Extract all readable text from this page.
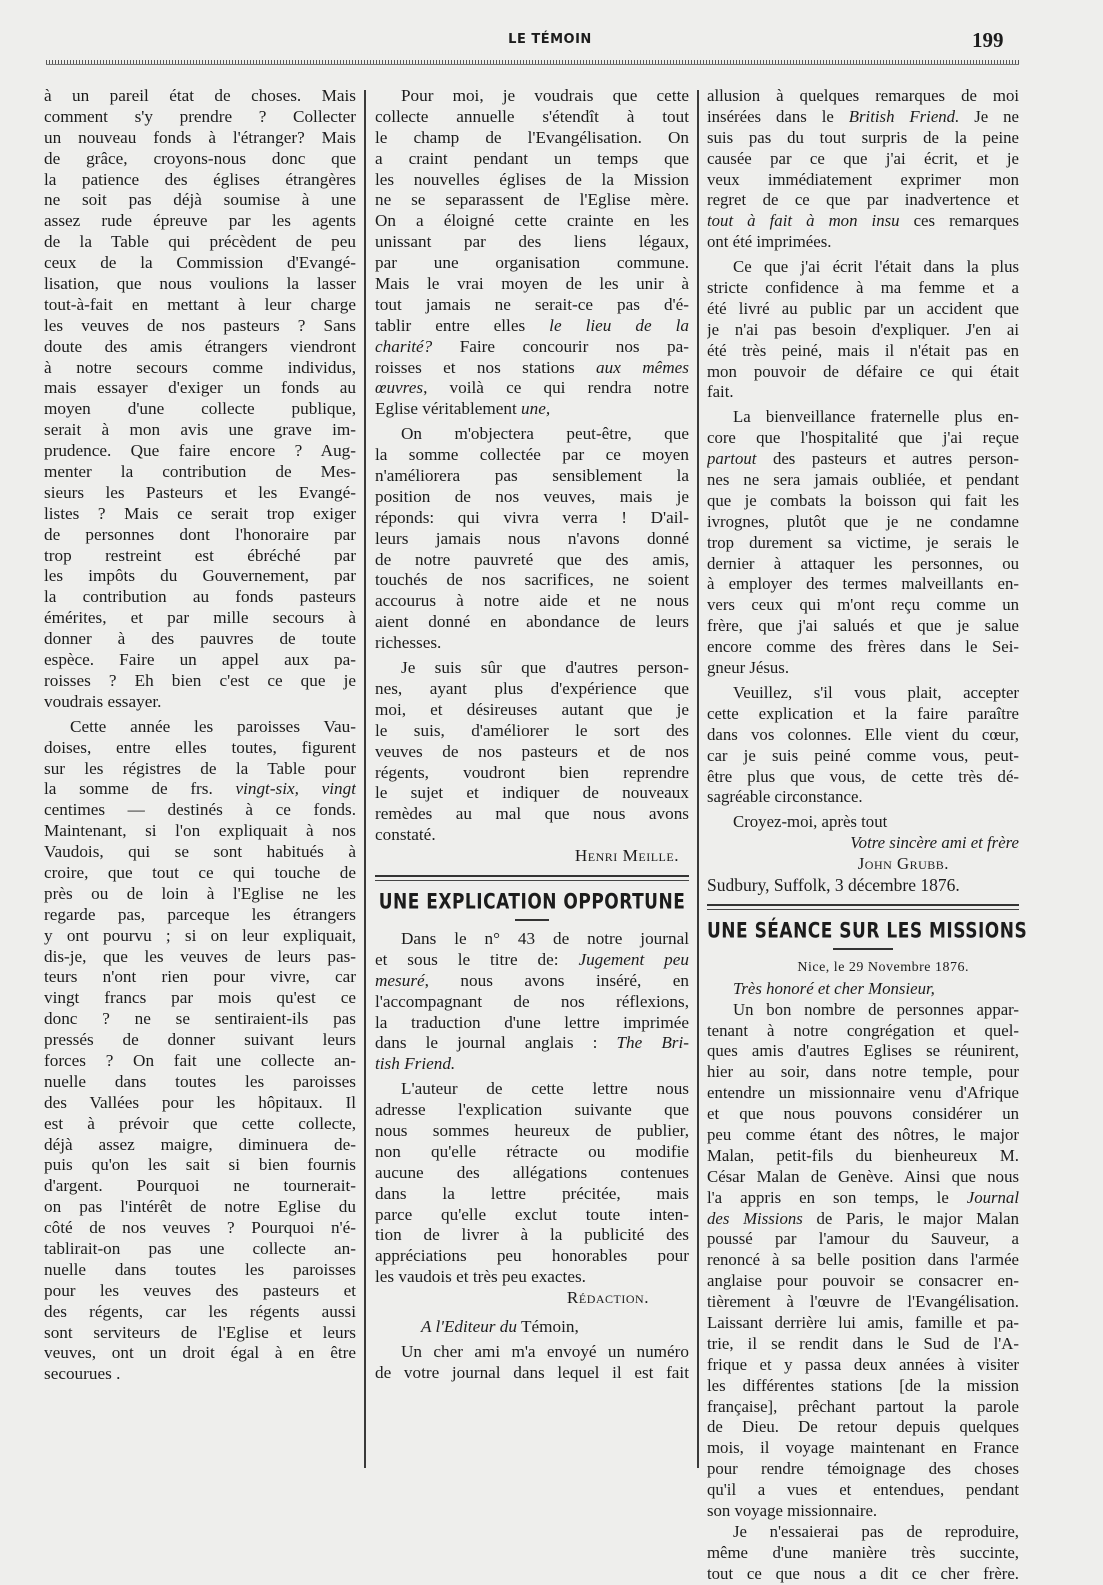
LE TÉMOIN	199
à un pareil état de choses. Mais
comment s'y prendre ? Collecter
un nouveau fonds à l'étranger? Mais
de grâce, croyons-nous donc que
la patience des églises étrangères
ne soit pas déjà soumise à une
assez rude épreuve par les agents
de la Table qui précèdent de peu
ceux de la Commission d'Evangé-
lisation, que nous voulions la lasser
tout-à-fait en mettant à leur charge
les veuves de nos pasteurs ? Sans
doute des amis étrangers viendront
à notre secours comme individus,
mais essayer d'exiger un fonds au
moyen d'une collecte publique,
serait à mon avis une grave im-
prudence. Que faire encore ? Aug-
menter la contribution de Mes-
sieurs les Pasteurs et les Evangé-
listes ? Mais ce serait trop exiger
de personnes dont l'honoraire par
trop restreint est ébréché par
les impôts du Gouvernement, par
la contribution au fonds pasteurs
émérites, et par mille secours à
donner à des pauvres de toute
espèce. Faire un appel aux pa-
roisses ? Eh bien c'est ce que je
voudrais essayer.
Cette année les paroisses Vau-
doises, entre elles toutes, figurent
sur les régistres de la Table pour
la somme de frs. vingt-six, vingt
centimes — destinés à ce fonds.
Maintenant, si l'on expliquait à nos
Vaudois, qui se sont habitués à
croire, que tout ce qui touche de
près ou de loin à l'Eglise ne les
regarde pas, parceque les étrangers
y ont pourvu ; si on leur expliquait,
dis-je, que les veuves de leurs pas-
teurs n'ont rien pour vivre, car
vingt francs par mois qu'est ce
donc ? ne se sentiraient-ils pas
pressés de donner suivant leurs
forces ? On fait une collecte an-
nuelle dans toutes les paroisses
des Vallées pour les hôpitaux. Il
est à prévoir que cette collecte,
déjà assez maigre, diminuera de-
puis qu'on les sait si bien fournis
d'argent. Pourquoi ne tournerait-
on pas l'intérêt de notre Eglise du
côté de nos veuves ? Pourquoi n'é-
tablirait-on pas une collecte an-
nuelle dans toutes les paroisses
pour les veuves des pasteurs et
des régents, car les régents aussi
sont serviteurs de l'Eglise et leurs
veuves, ont un droit égal à en être
secourues .
Pour moi, je voudrais que cette
collecte annuelle s'étendît à tout
le champ de l'Evangélisation. On
a craint pendant un temps que
les nouvelles églises de la Mission
ne se separassent de l'Eglise mère.
On a éloigné cette crainte en les
unissant par des liens légaux,
par une organisation commune.
Mais le vrai moyen de les unir à
tout jamais ne serait-ce pas d'é-
tablir entre elles le lieu de la
charité? Faire concourir nos pa-
roisses et nos stations aux mêmes
œuvres, voilà ce qui rendra notre
Eglise véritablement une,
On m'objectera peut-être, que
la somme collectée par ce moyen
n'améliorera pas sensiblement la
position de nos veuves, mais je
réponds: qui vivra verra ! D'ail-
leurs jamais nous n'avons donné
de notre pauvreté que des amis,
touchés de nos sacrifices, ne soient
accourus à notre aide et ne nous
aient donné en abondance de leurs
richesses.
Je suis sûr que d'autres person-
nes, ayant plus d'expérience que
moi, et désireuses autant que je
le suis, d'améliorer le sort des
veuves de nos pasteurs et de nos
régents, voudront bien reprendre
le sujet et indiquer de nouveaux
remèdes au mal que nous avons
constaté.
Henri Meille.
UNE EXPLICATION OPPORTUNE
Dans le n° 43 de notre journal
et sous le titre de: Jugement peu
mesuré, nous avons inséré, en
l'accompagnant de nos réflexions,
la traduction d'une lettre imprimée
dans le journal anglais : The Bri-
tish Friend.
L'auteur de cette lettre nous
adresse l'explication suivante que
nous sommes heureux de publier,
non qu'elle rétracte ou modifie
aucune des allégations contenues
dans la lettre précitée, mais
parce qu'elle exclut toute inten-
tion de livrer à la publicité des
appréciations peu honorables pour
les vaudois et très peu exactes.
Rédaction.
A l'Editeur du Témoin,
Un cher ami m'a envoyé un numéro
de votre journal dans lequel il est fait
allusion à quelques remarques de moi
insérées dans le British Friend. Je ne
suis pas du tout surpris de la peine
causée par ce que j'ai écrit, et je
veux immédiatement exprimer mon
regret de ce que par inadvertence et
tout à fait à mon insu ces remarques
ont été imprimées.
Ce que j'ai écrit l'était dans la plus
stricte confidence à ma femme et a
été livré au public par un accident que
je n'ai pas besoin d'expliquer. J'en ai
été très peiné, mais il n'était pas en
mon pouvoir de défaire ce qui était
fait.
La bienveillance fraternelle plus en-
core que l'hospitalité que j'ai reçue
partout des pasteurs et autres person-
nes ne sera jamais oubliée, et pendant
que je combats la boisson qui fait les
ivrognes, plutôt que je ne condamne
trop durement sa victime, je serais le
dernier à attaquer les personnes, ou
à employer des termes malveillants en-
vers ceux qui m'ont reçu comme un
frère, que j'ai salués et que je salue
encore comme des frères dans le Sei-
gneur Jésus.
Veuillez, s'il vous plait, accepter
cette explication et la faire paraître
dans vos colonnes. Elle vient du cœur,
car je suis peiné comme vous, peut-
être plus que vous, de cette très dé-
sagréable circonstance.
Croyez-moi, après tout
Votre sincère ami et frère
John Grubb.
Sudbury, Suffolk, 3 décembre 1876.
UNE SÉANCE SUR LES MISSIONS
Nice, le 29 Novembre 1876.
Très honoré et cher Monsieur,
Un bon nombre de personnes appar-
tenant à notre congrégation et quel-
ques amis d'autres Eglises se réunirent,
hier au soir, dans notre temple, pour
entendre un missionnaire venu d'Afrique
et que nous pouvons considérer un
peu comme étant des nôtres, le major
Malan, petit-fils du bienheureux M.
César Malan de Genève. Ainsi que nous
l'a appris en son temps, le Journal
des Missions de Paris, le major Malan
poussé par l'amour du Sauveur, a
renoncé à sa belle position dans l'armée
anglaise pour pouvoir se consacrer en-
tièrement à l'œuvre de l'Evangélisation.
Laissant derrière lui amis, famille et pa-
trie, il se rendit dans le Sud de l'A-
frique et y passa deux années à visiter
les différentes stations [de la mission
française], prêchant partout la parole
de Dieu. De retour depuis quelques
mois, il voyage maintenant en France
pour rendre témoignage des choses
qu'il a vues et entendues, pendant
son voyage missionnaire.
Je n'essaierai pas de reproduire,
même d'une manière très succinte,
tout ce que nous a dit ce cher frère.
